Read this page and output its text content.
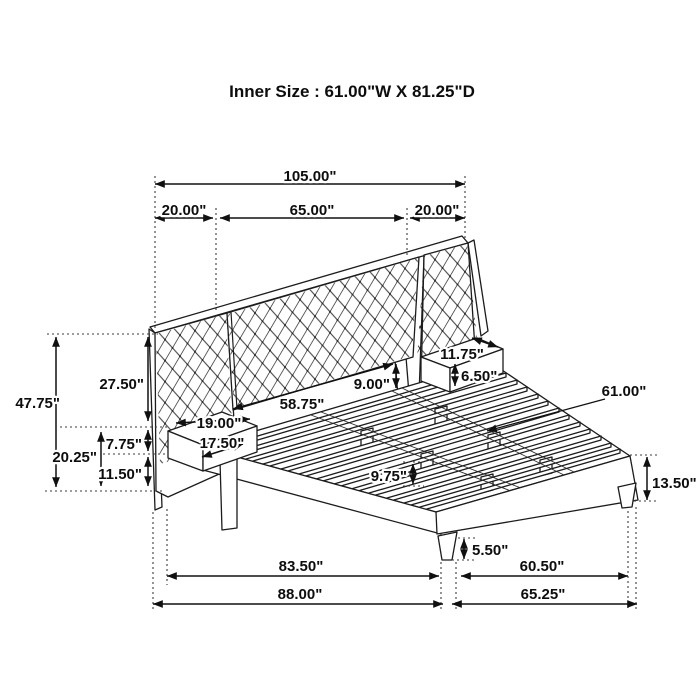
Inner Size : 61.00"W X 81.25"D
105.00"
20.00"	65.00"	20.00"
47.75"
27.50"
7.75"
20.25"
11.50"
11.75"
6.50"
9.00"
58.75"
19.00"
17.50"
9.75"
61.00"
13.50"
5.50"
83.50"	60.50"
88.00"	65.25"
